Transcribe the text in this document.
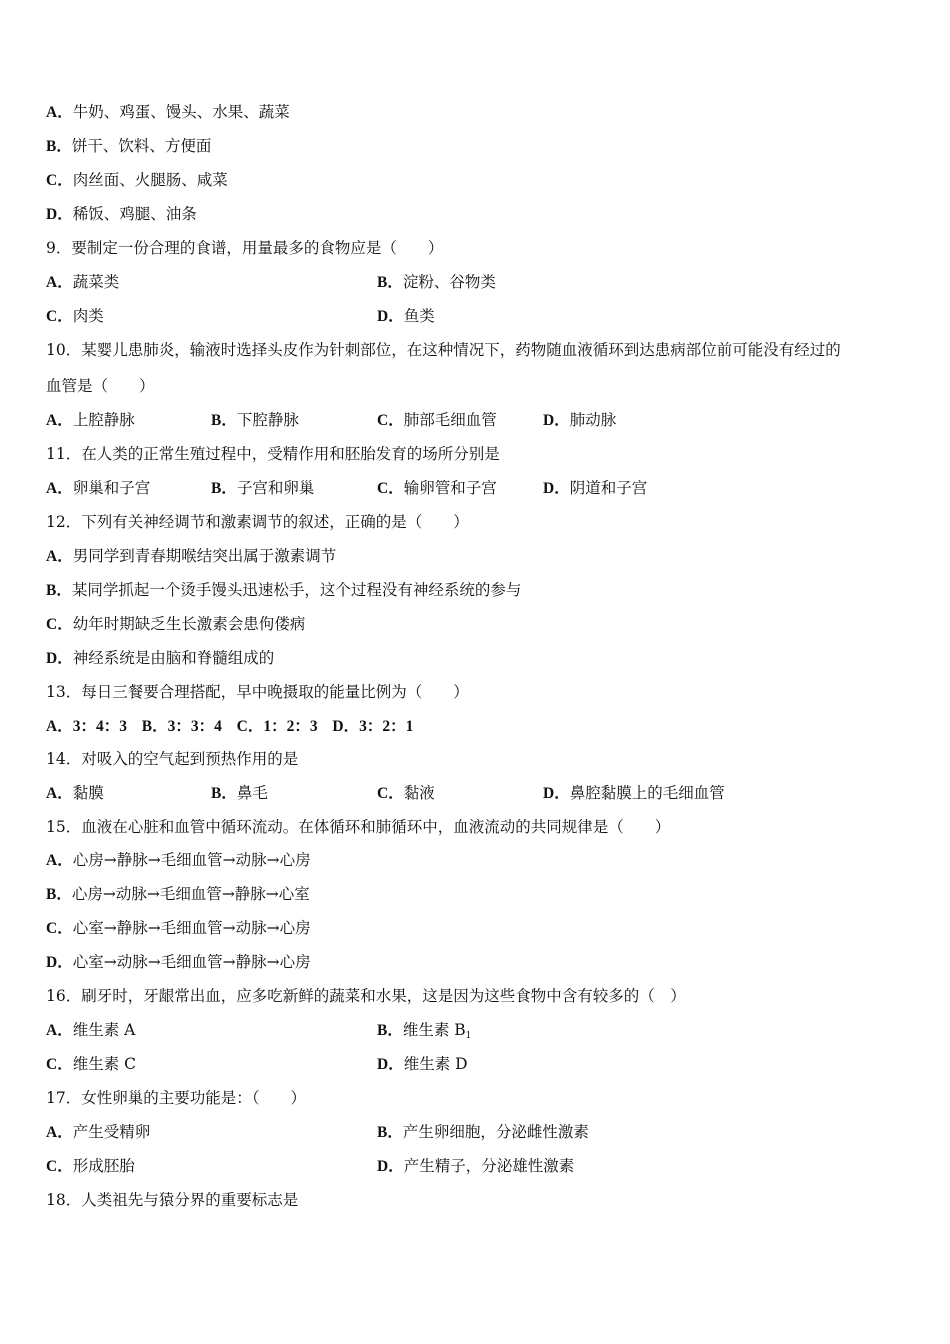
A．牛奶、鸡蛋、馒头、水果、蔬菜
B．饼干、饮料、方便面
C．肉丝面、火腿肠、咸菜
D．稀饭、鸡腿、油条
9．要制定一份合理的食谱，用量最多的食物应是（　　）
A．蔬菜类	B．淀粉、谷物类
C．肉类	D．鱼类
10．某婴儿患肺炎，输液时选择头皮作为针刺部位，在这种情况下，药物随血液循环到达患病部位前可能没有经过的
血管是（　　）
A．上腔静脉	B．下腔静脉	C．肺部毛细血管	D．肺动脉
11．在人类的正常生殖过程中，受精作用和胚胎发育的场所分别是
A．卵巢和子宫	B．子宫和卵巢	C．输卵管和子宫	D．阴道和子宫
12．下列有关神经调节和激素调节的叙述，正确的是（　　）
A．男同学到青春期喉结突出属于激素调节
B．某同学抓起一个烫手馒头迅速松手，这个过程没有神经系统的参与
C．幼年时期缺乏生长激素会患佝偻病
D．神经系统是由脑和脊髓组成的
13．每日三餐要合理搭配，早中晚摄取的能量比例为（　　）
A．3：4：3 B．3：3：4 C．1：2：3 D．3：2：1
14．对吸入的空气起到预热作用的是
A．黏膜	B．鼻毛	C．黏液	D．鼻腔黏膜上的毛细血管
15．血液在心脏和血管中循环流动。在体循环和肺循环中，血液流动的共同规律是（　　）
A．心房→静脉→毛细血管→动脉→心房
B．心房→动脉→毛细血管→静脉→心室
C．心室→静脉→毛细血管→动脉→心房
D．心室→动脉→毛细血管→静脉→心房
16．刷牙时，牙龈常出血，应多吃新鲜的蔬菜和水果，这是因为这些食物中含有较多的（　）
A．维生素 A	B．维生素 $B_1$
C．维生素 C	D．维生素 D
17．女性卵巢的主要功能是：（　　）
A．产生受精卵	B．产生卵细胞，分泌雌性激素
C．形成胚胎	D．产生精子，分泌雄性激素
18．人类祖先与猿分界的重要标志是
